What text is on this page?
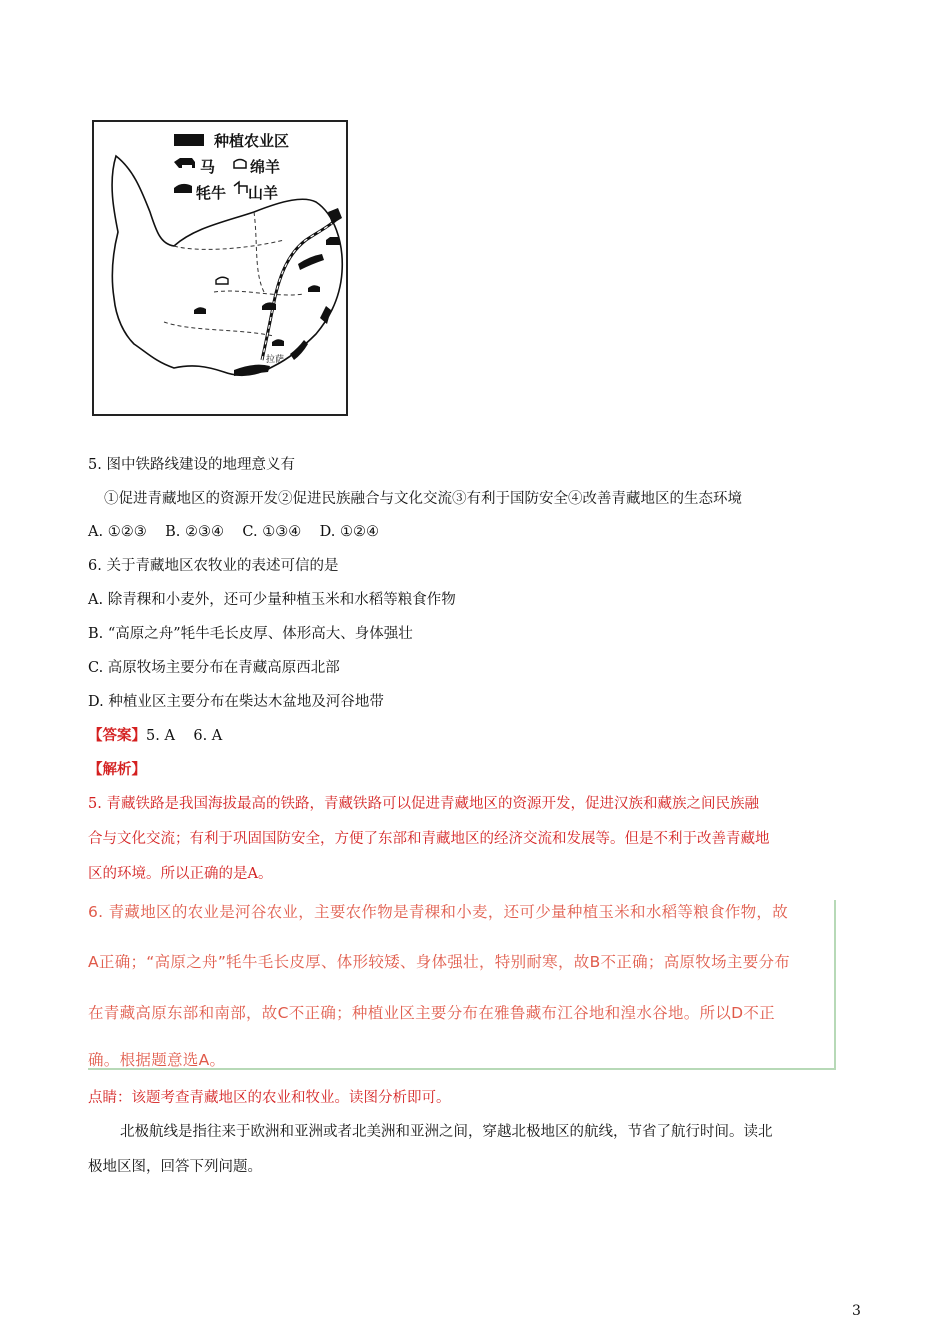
种植农业区
马 绵羊
牦牛 山羊
拉萨
5. 图中铁路线建设的地理意义有
①促进青藏地区的资源开发②促进民族融合与文化交流③有利于国防安全④改善青藏地区的生态环境
A. ①②③    B. ②③④    C. ①③④    D. ①②④
6. 关于青藏地区农牧业的表述可信的是
A. 除青稞和小麦外，还可少量种植玉米和水稻等粮食作物
B. “高原之舟”牦牛毛长皮厚、体形高大、身体强壮
C. 高原牧场主要分布在青藏高原西北部
D. 种植业区主要分布在柴达木盆地及河谷地带
【答案】5. A    6. A
【解析】
5. 青藏铁路是我国海拔最高的铁路，青藏铁路可以促进青藏地区的资源开发，促进汉族和藏族之间民族融
合与文化交流；有利于巩固国防安全，方便了东部和青藏地区的经济交流和发展等。但是不利于改善青藏地
区的环境。所以正确的是A。
6. 青藏地区的农业是河谷农业，主要农作物是青稞和小麦，还可少量种植玉米和水稻等粮食作物，故
A正确；“高原之舟”牦牛毛长皮厚、体形较矮、身体强壮，特别耐寒，故B不正确；高原牧场主要分布
在青藏高原东部和南部，故C不正确；种植业区主要分布在雅鲁藏布江谷地和湟水谷地。所以D不正
确。根据题意选A。
点睛：该题考查青藏地区的农业和牧业。读图分析即可。
北极航线是指往来于欧洲和亚洲或者北美洲和亚洲之间，穿越北极地区的航线，节省了航行时间。读北
极地区图，回答下列问题。
3
